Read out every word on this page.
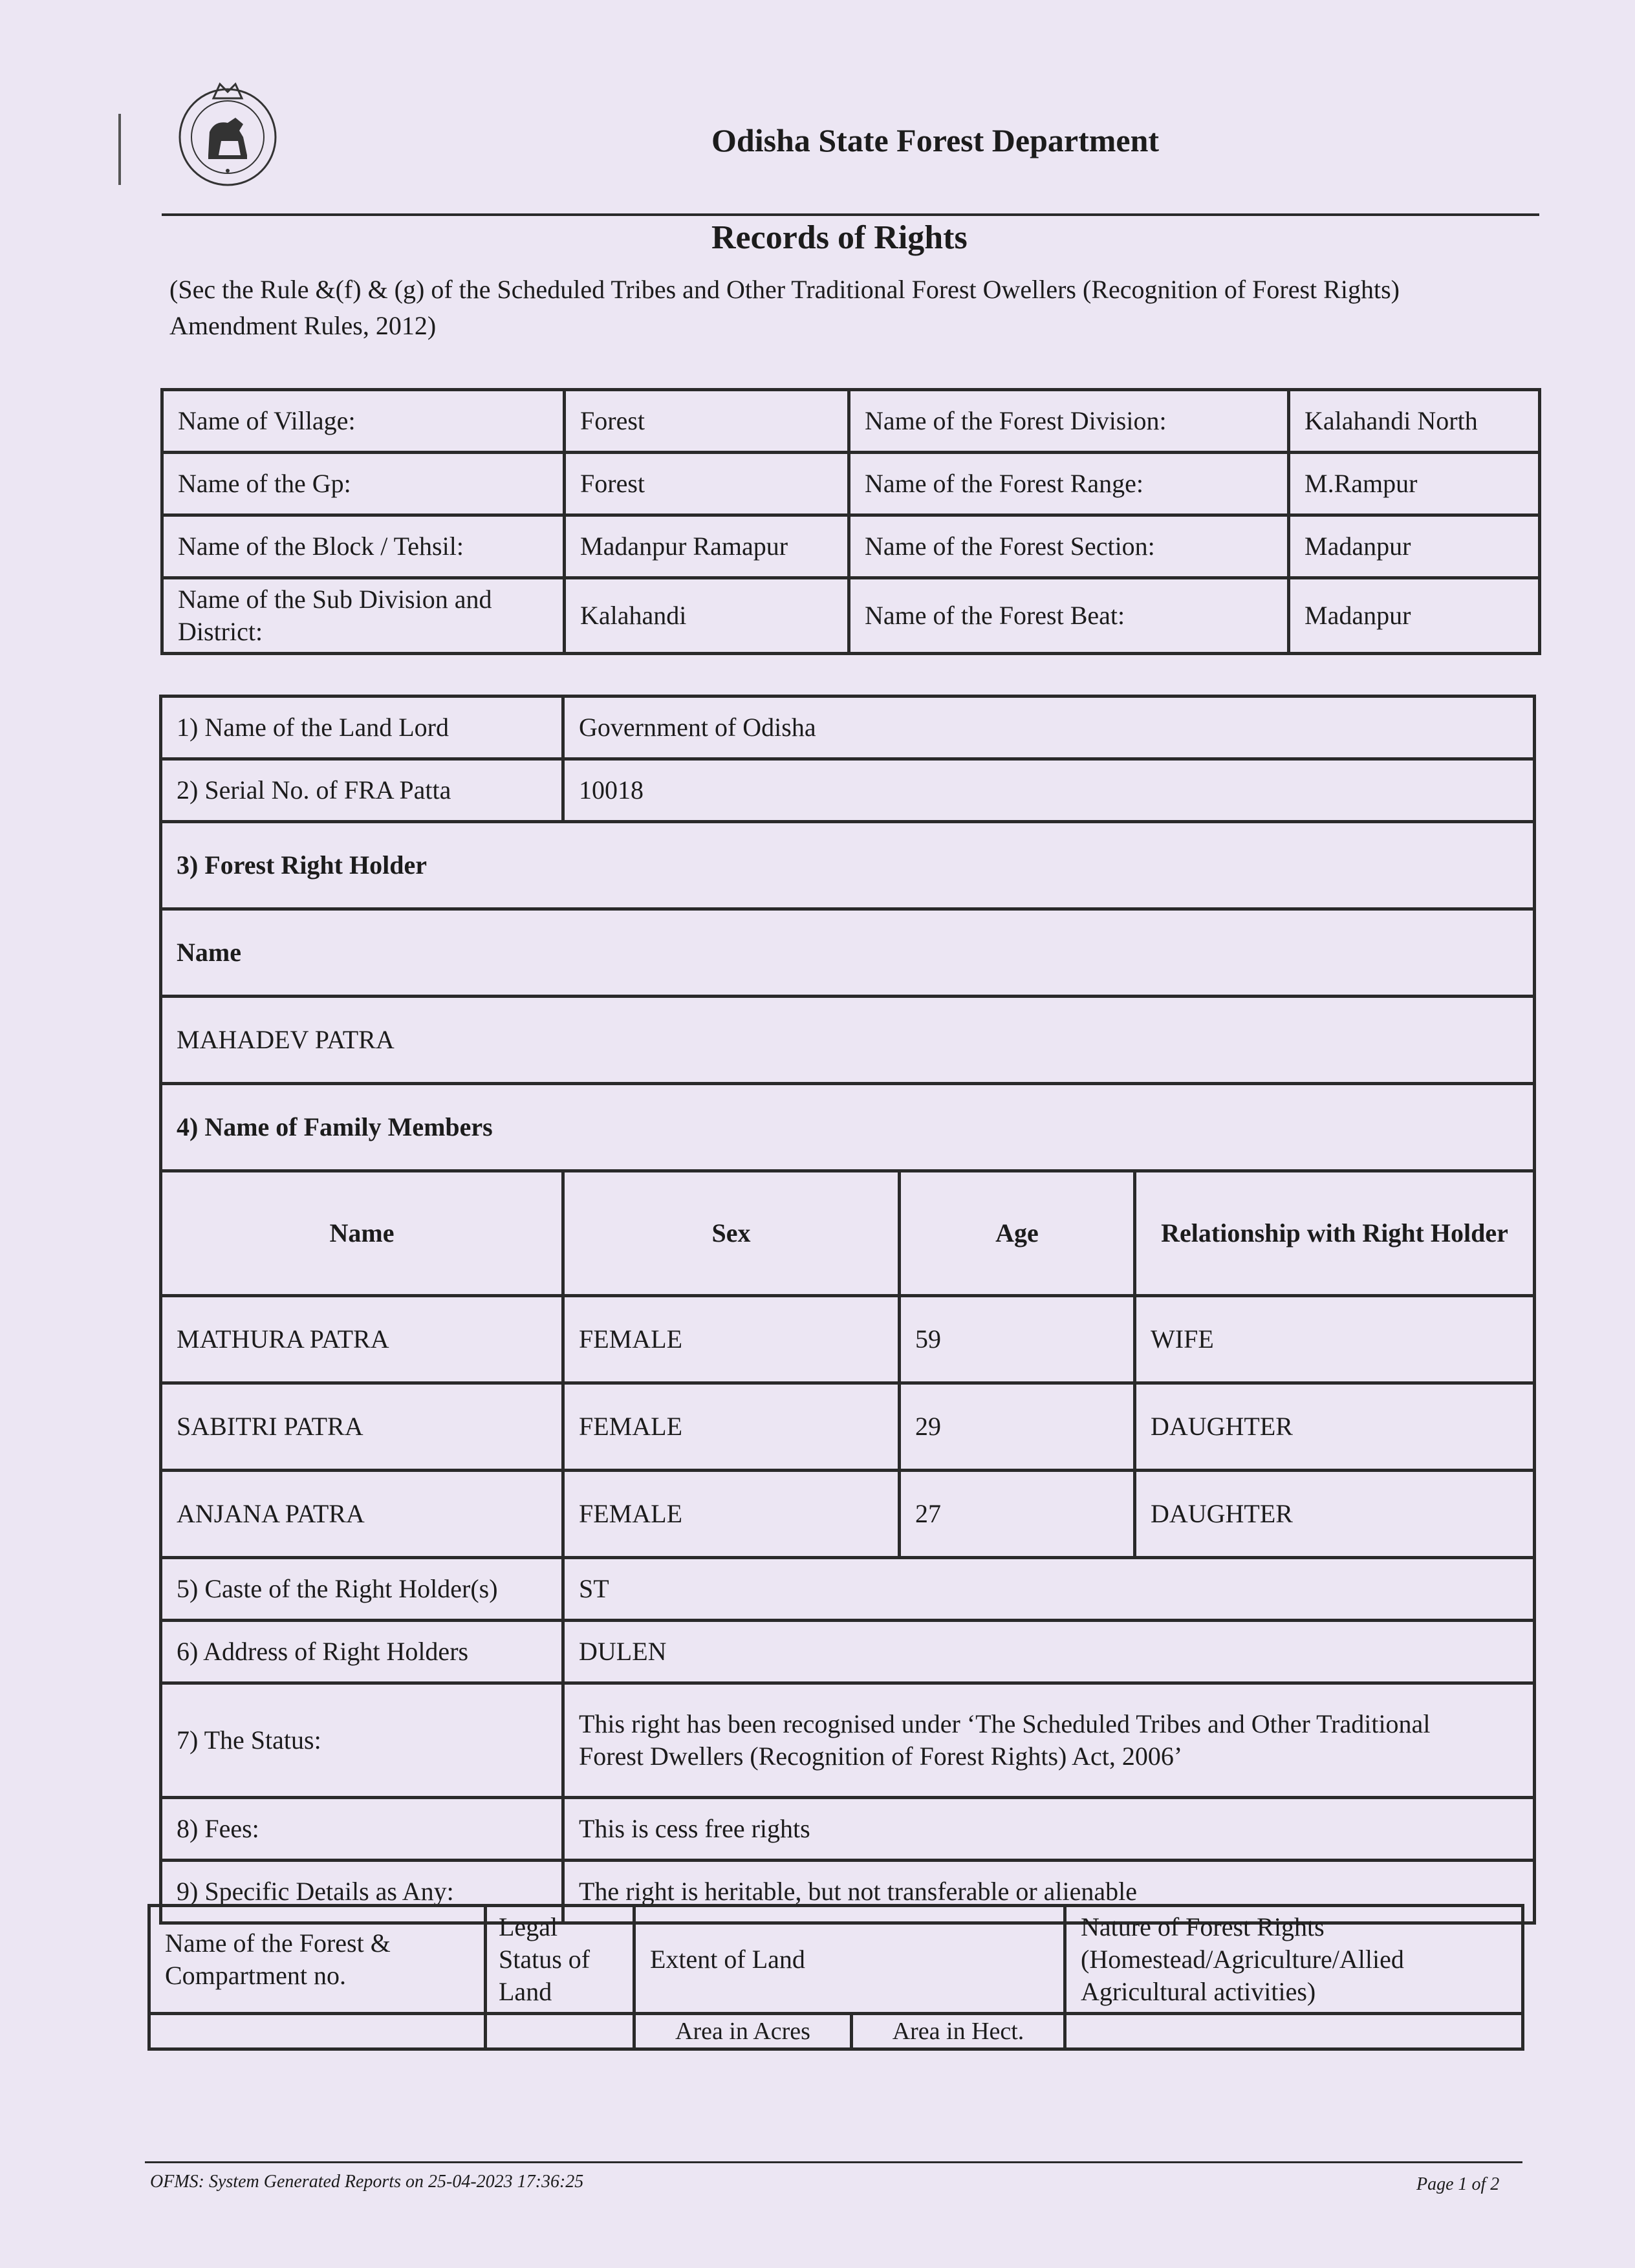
Odisha State Forest Department
Records of Rights
(Sec the Rule &(f) & (g) of the Scheduled Tribes and Other Traditional Forest Owellers (Recognition of Forest Rights) Amendment Rules, 2012)
Name of Village:	Forest	Name of the Forest Division:	Kalahandi North
Name of the Gp:	Forest	Name of the Forest Range:	M.Rampur
Name of the Block / Tehsil:	Madanpur Ramapur	Name of the Forest Section:	Madanpur
Name of the Sub Division and District:	Kalahandi	Name of the Forest Beat:	Madanpur
1) Name of the Land Lord	Government of Odisha		
2) Serial No. of FRA Patta	10018		
3) Forest Right Holder			
Name			
MAHADEV PATRA			
4) Name of Family Members			
Name	Sex	Age	Relationship with Right Holder
MATHURA PATRA	FEMALE	59	WIFE
SABITRI PATRA	FEMALE	29	DAUGHTER
ANJANA PATRA	FEMALE	27	DAUGHTER
5) Caste of the Right Holder(s)	ST		
6) Address of Right Holders	DULEN		
7) The Status:	This right has been recognised under ‘The Scheduled Tribes and Other Traditional
Forest Dwellers (Recognition of Forest Rights) Act, 2006’		

8) Fees:	This is cess free rights		
9) Specific Details as Any:	The right is heritable, but not transferable or alienable		
Name of the Forest & Compartment no.	Legal Status of Land	Extent of Land		Nature of Forest Rights (Homestead/Agriculture/Allied Agricultural activities)
		Area in Acres	Area in Hect.	
OFMS: System Generated Reports on 25-04-2023 17:36:25	Page 1 of 2
